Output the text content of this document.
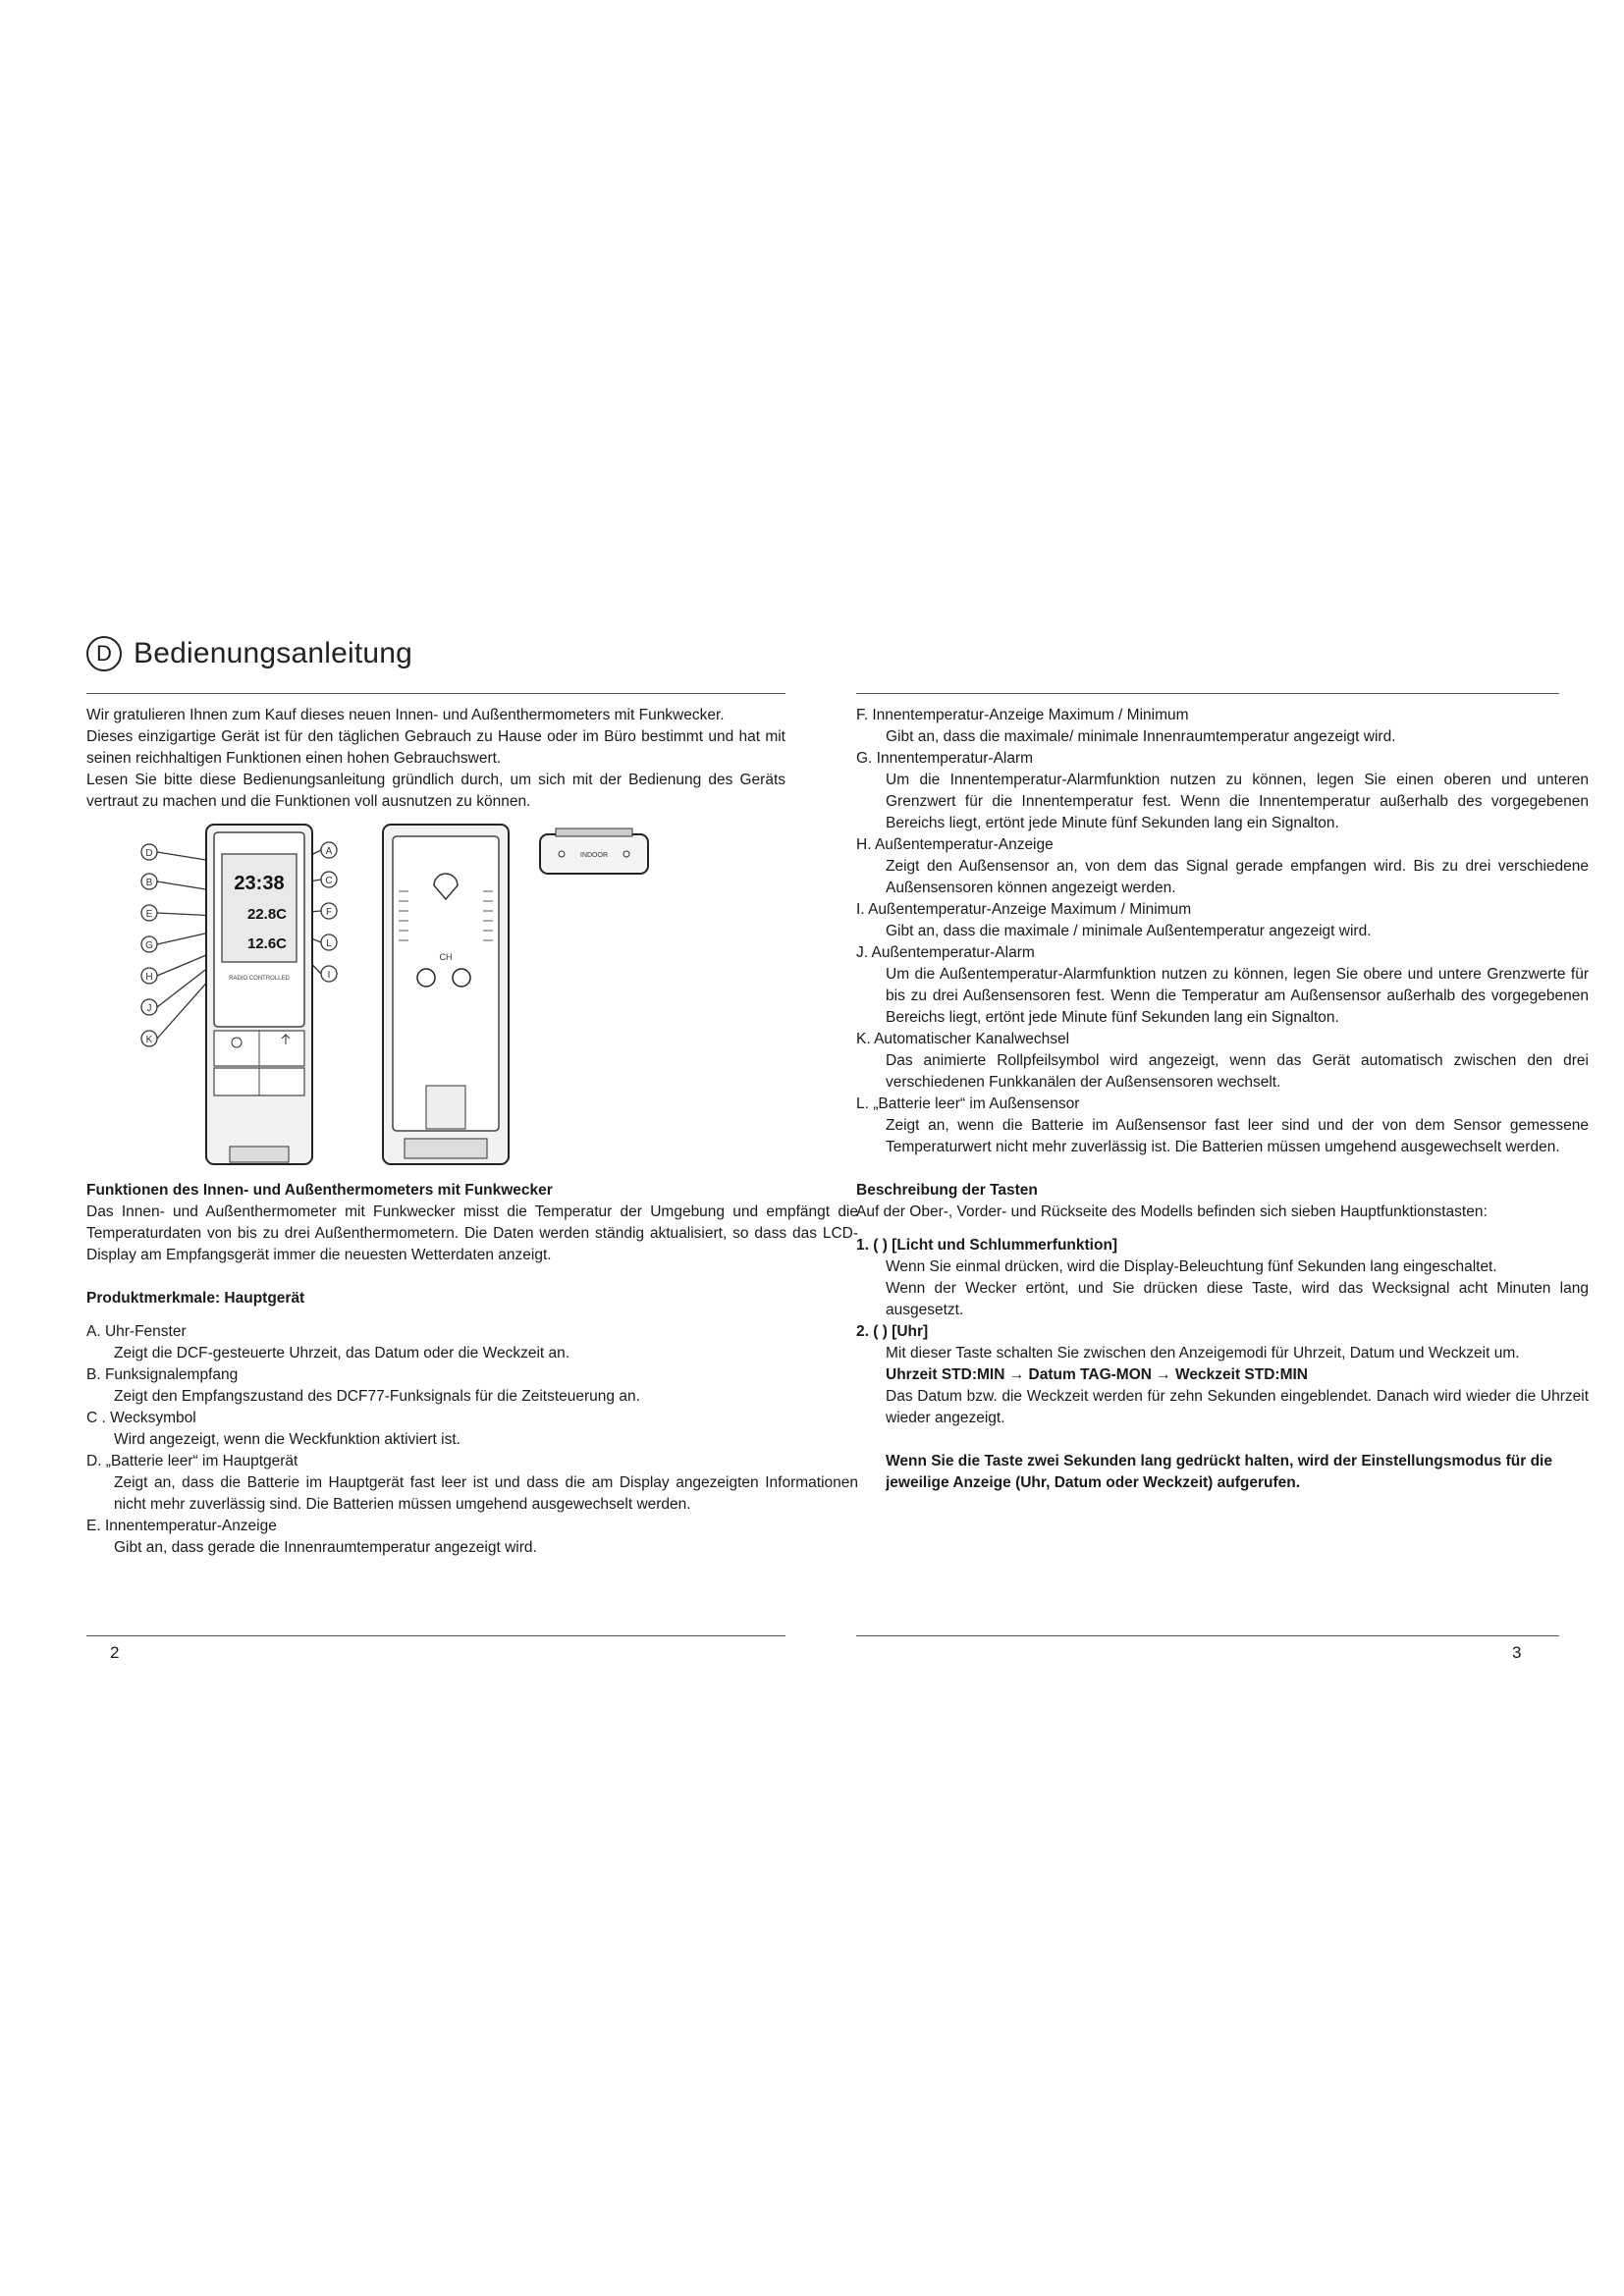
D Bedienungsanleitung

Wir gratulieren Ihnen zum Kauf dieses neuen Innen- und Außenthermometers mit Funkwecker.

Dieses einzigartige Gerät ist für den täglichen Gebrauch zu Hause oder im Büro bestimmt und hat mit seinen reichhaltigen Funktionen einen hohen Gebrauchswert.

Lesen Sie bitte diese Bedienungsanleitung gründlich durch, um sich mit der Bedienung des Geräts vertraut zu machen und die Funktionen voll ausnutzen zu können.

D
B
E
G
H
J
K
A
C
F
L
I
23:38
22.8C
12.6C
RADIO CONTROLLED
CH
INDOOR

Funktionen des Innen- und Außenthermometers mit Funkwecker

Das Innen- und Außenthermometer mit Funkwecker misst die Temperatur der Umgebung und empfängt die Temperaturdaten von bis zu drei Außenthermometern. Die Daten werden ständig aktualisiert, so dass das LCD-Display am Empfangsgerät immer die neuesten Wetterdaten anzeigt.

Produktmerkmale: Hauptgerät

A. Uhr-Fenster

Zeigt die DCF-gesteuerte Uhrzeit, das Datum oder die Weckzeit an.

B. Funksignalempfang

Zeigt den Empfangszustand des DCF77-Funksignals für die Zeitsteuerung an.

C . Wecksymbol

Wird angezeigt, wenn die Weckfunktion aktiviert ist.

D. „Batterie leer“ im Hauptgerät

Zeigt an, dass die Batterie im Hauptgerät fast leer ist und dass die am Display angezeigten Informationen nicht mehr zuverlässig sind. Die Batterien müssen umgehend ausgewechselt werden.

E. Innentemperatur-Anzeige

Gibt an, dass gerade die Innenraumtemperatur angezeigt wird.

F. Innentemperatur-Anzeige Maximum / Minimum

Gibt an, dass die maximale/ minimale Innenraumtemperatur angezeigt wird.

G. Innentemperatur-Alarm

Um die Innentemperatur-Alarmfunktion nutzen zu können, legen Sie einen oberen und unteren Grenzwert für die Innentemperatur fest. Wenn die Innentemperatur außerhalb des vorgegebenen Bereichs liegt, ertönt jede Minute fünf Sekunden lang ein Signalton.

H. Außentemperatur-Anzeige

Zeigt den Außensensor an, von dem das Signal gerade empfangen wird. Bis zu drei verschiedene Außensensoren können angezeigt werden.

I. Außentemperatur-Anzeige Maximum / Minimum

Gibt an, dass die maximale / minimale Außentemperatur angezeigt wird.

J. Außentemperatur-Alarm

Um die Außentemperatur-Alarmfunktion nutzen zu können, legen Sie obere und untere Grenzwerte für bis zu drei Außensensoren fest. Wenn die Temperatur am Außensensor außerhalb des vorgegebenen Bereichs liegt, ertönt jede Minute fünf Sekunden lang ein Signalton.

K. Automatischer Kanalwechsel

Das animierte Rollpfeilsymbol wird angezeigt, wenn das Gerät automatisch zwischen den drei verschiedenen Funkkanälen der Außensensoren wechselt.

L. „Batterie leer“ im Außensensor

Zeigt an, wenn die Batterie im Außensensor fast leer sind und der von dem Sensor gemessene Temperaturwert nicht mehr zuverlässig ist. Die Batterien müssen umgehend ausgewechselt werden.

Beschreibung der Tasten

Auf der Ober-, Vorder- und Rückseite des Modells befinden sich sieben Hauptfunktionstasten:

1. ( ) [Licht und Schlummerfunktion]

Wenn Sie einmal drücken, wird die Display-Beleuchtung fünf Sekunden lang eingeschaltet.

Wenn der Wecker ertönt, und Sie drücken diese Taste, wird das Wecksignal acht Minuten lang ausgesetzt.

2. ( ) [Uhr]

Mit dieser Taste schalten Sie zwischen den Anzeigemodi für Uhrzeit, Datum und Weckzeit um.

Uhrzeit STD:MIN → Datum TAG-MON → Weckzeit STD:MIN

Das Datum bzw. die Weckzeit werden für zehn Sekunden eingeblendet. Danach wird wieder die Uhrzeit wieder angezeigt.

Wenn Sie die Taste zwei Sekunden lang gedrückt halten, wird der Einstellungsmodus für die jeweilige Anzeige (Uhr, Datum oder Weckzeit) aufgerufen.

2	3
